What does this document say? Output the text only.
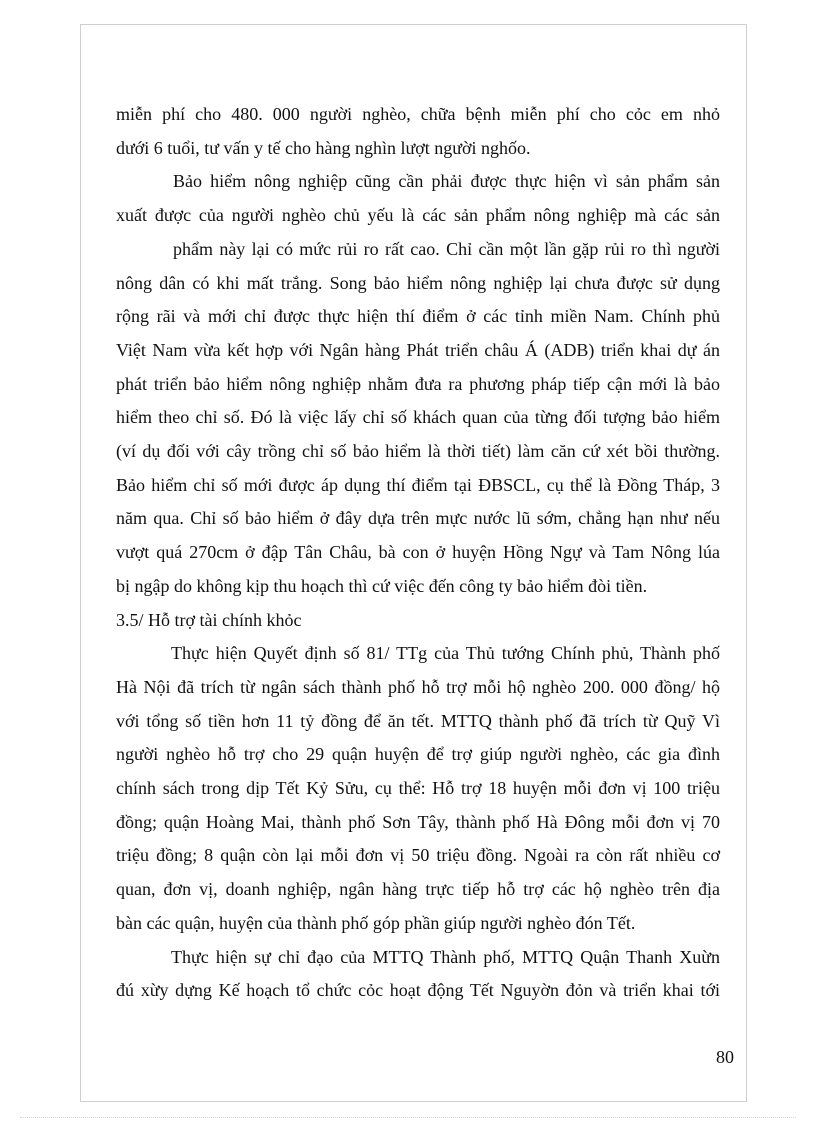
miễn phí cho 480. 000 người nghèo, chữa bệnh miễn phí cho cỏc em nhỏ
dưới 6 tuổi, tư vấn y tế cho hàng nghìn lượt người nghốo.
Bảo hiểm nông nghiệp cũng cần phải được thực hiện vì sản phẩm sản
xuất được của người nghèo chủ yếu là các sản phẩm nông nghiệp mà các sản
phẩm này lại có mức rủi ro rất cao. Chỉ cần một lần gặp rủi ro thì người
nông dân có khi mất trắng. Song bảo hiểm nông nghiệp lại chưa được sử dụng
rộng rãi và mới chỉ được thực hiện thí điểm ở các tỉnh miền Nam. Chính phủ
Việt Nam vừa kết hợp với Ngân hàng Phát triển châu Á (ADB) triển khai dự án
phát triển bảo hiểm nông nghiệp nhằm đưa ra phương pháp tiếp cận mới là bảo
hiểm theo chỉ số. Đó là việc lấy chỉ số khách quan của từng đối tượng bảo hiểm
(ví dụ đối với cây trồng chỉ số bảo hiểm là thời tiết) làm căn cứ xét bồi thường.
Bảo hiểm chỉ số mới được áp dụng thí điểm tại ĐBSCL, cụ thể là Đồng Tháp, 3
năm qua. Chỉ số bảo hiểm ở đây dựa trên mực nước lũ sớm, chẳng hạn như nếu
vượt quá 270cm ở đập Tân Châu, bà con ở huyện Hồng Ngự và Tam Nông lúa
bị ngập do không kịp thu hoạch thì cứ việc đến công ty bảo hiểm đòi tiền.
3.5/ Hỗ trợ tài chính khỏc
Thực hiện Quyết định số 81/ TTg của Thủ tướng Chính phủ, Thành phố
Hà Nội đã trích từ ngân sách thành phố hỗ trợ mỗi hộ nghèo 200. 000 đồng/ hộ
với tổng số tiền hơn 11 tỷ đồng để ăn tết. MTTQ thành phố đã trích từ Quỹ Vì
người nghèo hỗ trợ cho 29 quận huyện để trợ giúp người nghèo, các gia đình
chính sách trong dịp Tết Kỷ Sửu, cụ thể: Hỗ trợ 18 huyện mỗi đơn vị 100 triệu
đồng; quận Hoàng Mai, thành phố Sơn Tây, thành phố Hà Đông mỗi đơn vị 70
triệu đồng; 8 quận còn lại mỗi đơn vị 50 triệu đồng. Ngoài ra còn rất nhiều cơ
quan, đơn vị, doanh nghiệp, ngân hàng trực tiếp hỗ trợ các hộ nghèo trên địa
bàn các quận, huyện của thành phố góp phần giúp người nghèo đón Tết.
Thực hiện sự chỉ đạo của MTTQ Thành phố, MTTQ Quận Thanh Xuừn
đú xừy dựng Kế hoạch tổ chức cỏc hoạt động Tết Nguyờn đỏn và triển khai tới
80
